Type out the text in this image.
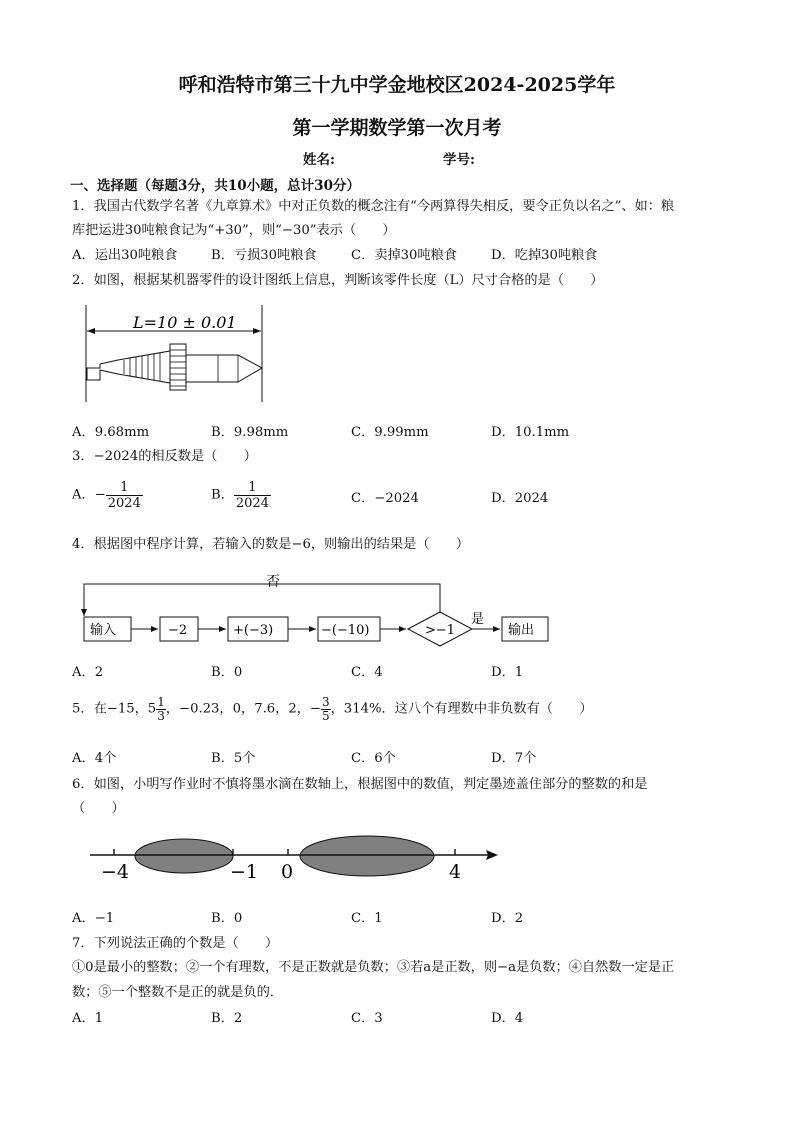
呼和浩特市第三十九中学金地校区2024-2025学年
第一学期数学第一次月考
姓名:	学号:
一、选择题（每题3分，共10小题，总计30分）
1．我国古代数学名著《九章算术》中对正负数的概念注有“今两算得失相反，要令正负以名之”、如：粮
库把运进30吨粮食记为“+30”，则“−30”表示（　　）
A．运出30吨粮食	B．亏损30吨粮食	C．卖掉30吨粮食	D．吃掉30吨粮食
2．如图，根据某机器零件的设计图纸上信息，判断该零件长度（L）尺寸合格的是（　　）
L=10 ± 0.01
A．9.68mm	B．9.98mm	C．9.99mm	D．10.1mm
3．−2024的相反数是（　　）
A．− $\frac{1}{2024}$	B． $\frac{1}{2024}$	C．−2024	D．2024
4．根据图中程序计算，若输入的数是−6，则输出的结果是（　　）
否
输入	−2	+(−3)	−(−10)	>−1
是
输出
A．2	B．0	C．4	D．1
5．在−15，$5 \frac{1}{3}$ ，−0.23，0，7.6，2，− $\frac{3}{5}$ ，314%．这八个有理数中非负数有（　　）
A．4个	B．5个	C．6个	D．7个
6．如图，小明写作业时不慎将墨水滴在数轴上，根据图中的数值，判定墨迹盖住部分的整数的和是
（　　）
−4	−1 0	4
A．−1	B．0	C．1	D．2
7．下列说法正确的个数是（　　）
①0是最小的整数；②一个有理数，不是正数就是负数；③若a是正数，则−a是负数；④自然数一定是正
数；⑤一个整数不是正的就是负的．
A．1	B．2	C．3	D．4
